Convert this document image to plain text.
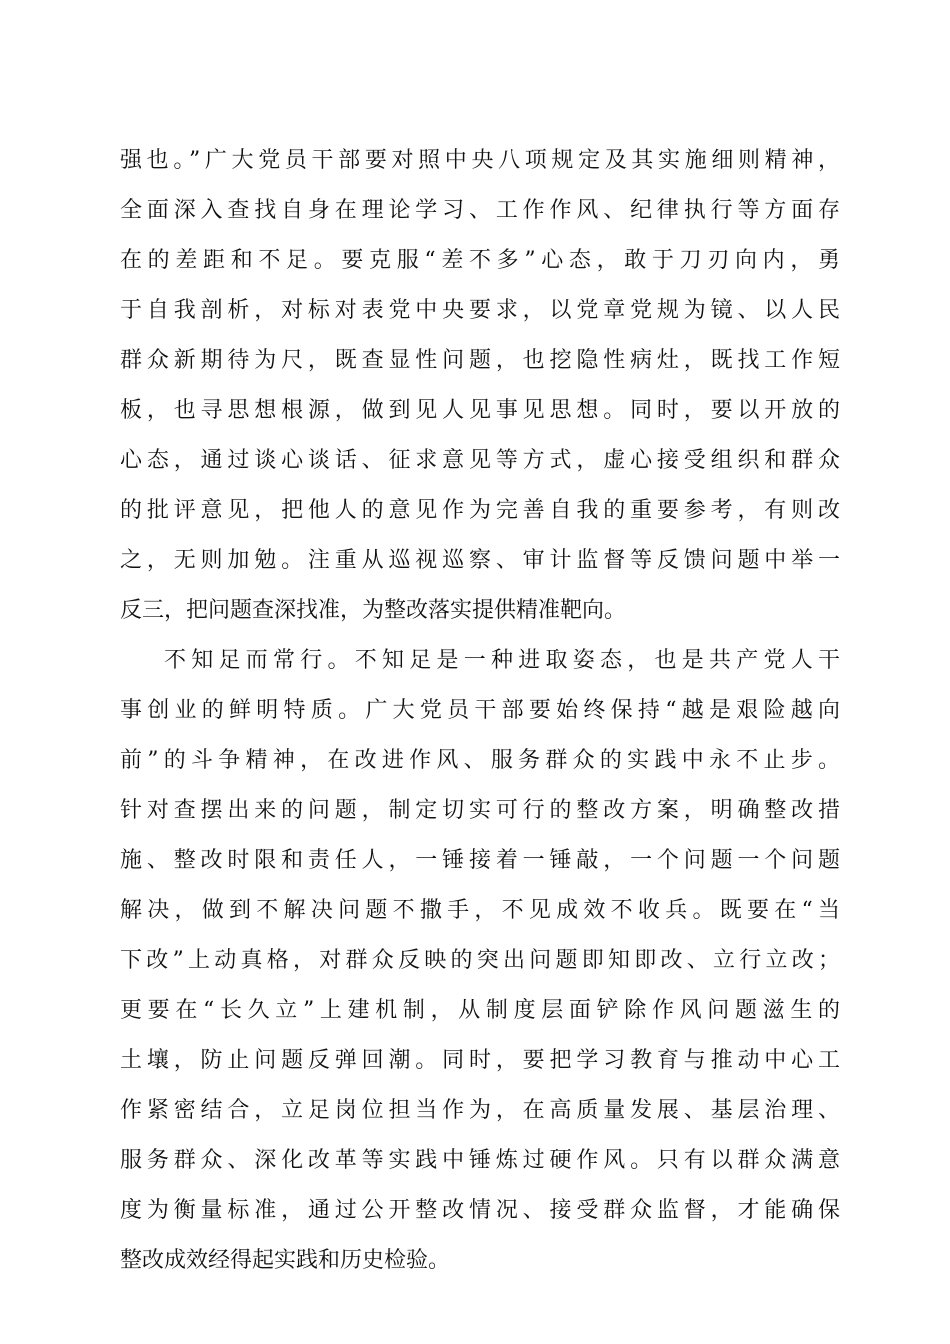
强也。”广大党员干部要对照中央八项规定及其实施细则精神，
全面深入查找自身在理论学习、工作作风、纪律执行等方面存
在的差距和不足。要克服“差不多”心态，敢于刀刃向内，勇
于自我剖析，对标对表党中央要求，以党章党规为镜、以人民
群众新期待为尺，既查显性问题，也挖隐性病灶，既找工作短
板，也寻思想根源，做到见人见事见思想。同时，要以开放的
心态，通过谈心谈话、征求意见等方式，虚心接受组织和群众
的批评意见，把他人的意见作为完善自我的重要参考，有则改
之，无则加勉。注重从巡视巡察、审计监督等反馈问题中举一
反三，把问题查深找准，为整改落实提供精准靶向。
不知足而常行。不知足是一种进取姿态，也是共产党人干
事创业的鲜明特质。广大党员干部要始终保持“越是艰险越向
前”的斗争精神，在改进作风、服务群众的实践中永不止步。
针对查摆出来的问题，制定切实可行的整改方案，明确整改措
施、整改时限和责任人，一锤接着一锤敲，一个问题一个问题
解决，做到不解决问题不撒手，不见成效不收兵。既要在“当
下改”上动真格，对群众反映的突出问题即知即改、立行立改；
更要在“长久立”上建机制，从制度层面铲除作风问题滋生的
土壤，防止问题反弹回潮。同时，要把学习教育与推动中心工
作紧密结合，立足岗位担当作为，在高质量发展、基层治理、
服务群众、深化改革等实践中锤炼过硬作风。只有以群众满意
度为衡量标准，通过公开整改情况、接受群众监督，才能确保
整改成效经得起实践和历史检验。
